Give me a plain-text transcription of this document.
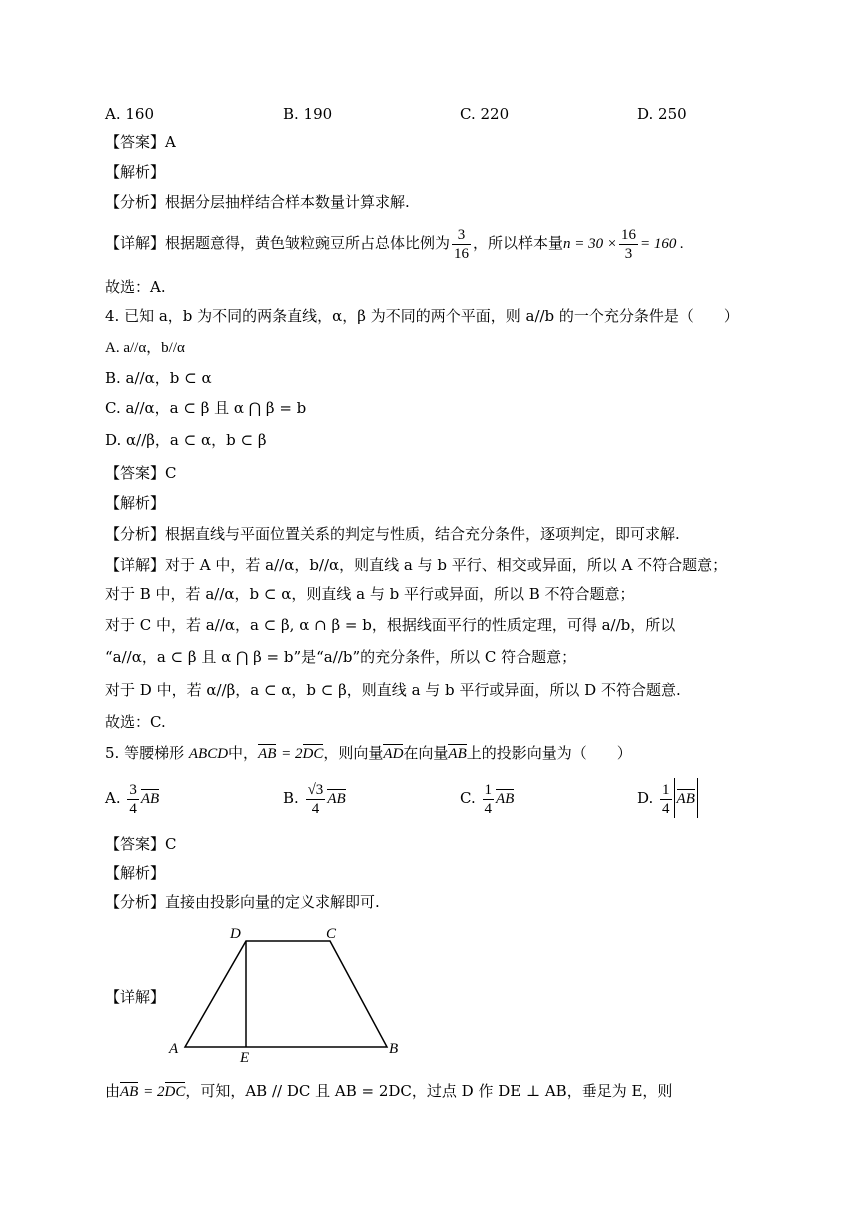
A. 160	B. 190	C. 220	D. 250
【答案】A
【解析】
【分析】根据分层抽样结合样本数量计算求解.
【详解】根据题意得，黄色皱粒豌豆所占总体比例为 $\frac{3}{16}$ ，所以样本量$n = 30 \times \frac{16}{3} = 160$ .
故选：A.
4. 已知 a，b 为不同的两条直线，α，β 为不同的两个平面，则 a//b 的一个充分条件是（　　）
A. a//α，b//α
B. a//α，b ⊂ α
C. a//α，a ⊂ β 且 α ⋂ β = b
D. α//β，a ⊂ α，b ⊂ β
【答案】C
【解析】
【分析】根据直线与平面位置关系的判定与性质，结合充分条件，逐项判定，即可求解.
【详解】对于 A 中，若 a//α，b//α，则直线 a 与 b 平行、相交或异面，所以 A 不符合题意；
对于 B 中，若 a//α，b ⊂ α，则直线 a 与 b 平行或异面，所以 B 不符合题意；
对于 C 中，若 a//α，a ⊂ β, α ∩ β = b，根据线面平行的性质定理，可得 a//b，所以
“a//α，a ⊂ β 且 α ⋂ β = b”是“a//b”的充分条件，所以 C 符合题意；
对于 D 中，若 α//β，a ⊂ α，b ⊂ β，则直线 a 与 b 平行或异面，所以 D 不符合题意.
故选：C.
5. 等腰梯形 ABCD中，AB = 2DC，则向量AD在向量AB上的投影向量为（　　）
A. $\frac{3}{4}$ AB	B. $\frac{√3}{4}$ AB	C. $\frac{1}{4}$ AB	D. $\frac{1}{4}$ AB
【答案】C
【解析】
【分析】直接由投影向量的定义求解即可.
【详解】
D	C
A
E
B
由AB = 2DC，可知，AB // DC 且 AB = 2DC，过点 D 作 DE ⊥ AB，垂足为 E，则
